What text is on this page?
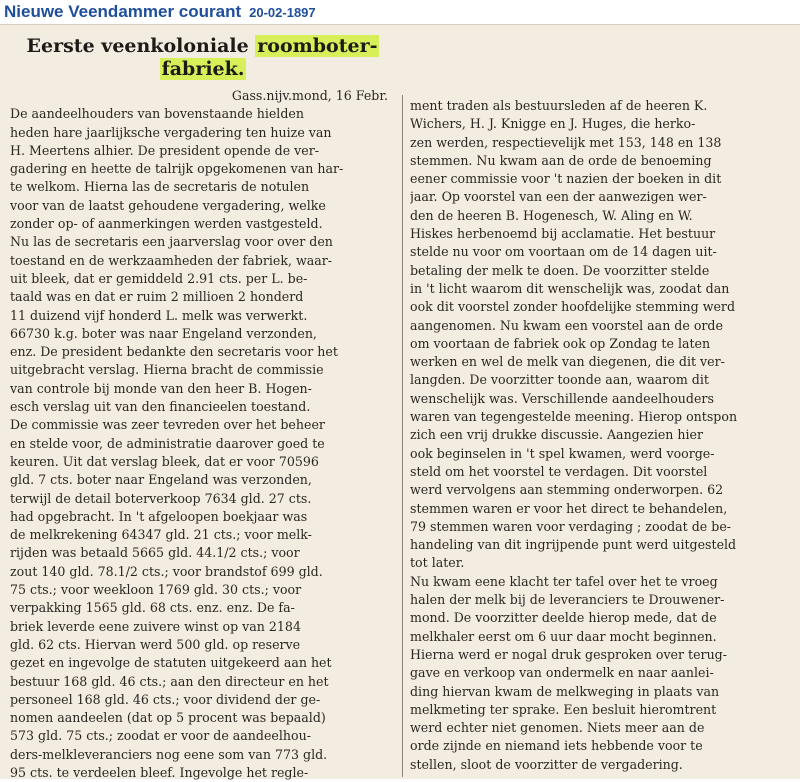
Nieuwe Veendammer courant 20-02-1897
Eerste veenkoloniale roomboter-
fabriek.
Gass.nijv.mond, 16 Febr.
De aandeelhouders van bovenstaande hielden
heden hare jaarlijksche vergadering ten huize van
H. Meertens alhier. De president opende de ver-
gadering en heette de talrijk opgekomenen van har-
te welkom. Hierna las de secretaris de notulen
voor van de laatst gehoudene vergadering, welke
zonder op- of aanmerkingen werden vastgesteld.
Nu las de secretaris een jaarverslag voor over den
toestand en de werkzaamheden der fabriek, waar-
uit bleek, dat er gemiddeld 2.91 cts. per L. be-
taald was en dat er ruim 2 millioen 2 honderd
11 duizend vijf honderd L. melk was verwerkt.
66730 k.g. boter was naar Engeland verzonden,
enz. De president bedankte den secretaris voor het
uitgebracht verslag. Hierna bracht de commissie
van controle bij monde van den heer B. Hogen-
esch verslag uit van den financieelen toestand.
De commissie was zeer tevreden over het beheer
en stelde voor, de administratie daarover goed te
keuren. Uit dat verslag bleek, dat er voor 70596
gld. 7 cts. boter naar Engeland was verzonden,
terwijl de detail boterverkoop 7634 gld. 27 cts.
had opgebracht. In 't afgeloopen boekjaar was
de melkrekening 64347 gld. 21 cts.; voor melk-
rijden was betaald 5665 gld. 44.1/2 cts.; voor
zout 140 gld. 78.1/2 cts.; voor brandstof 699 gld.
75 cts.; voor weekloon 1769 gld. 30 cts.; voor
verpakking 1565 gld. 68 cts. enz. enz. De fa-
briek leverde eene zuivere winst op van 2184
gld. 62 cts. Hiervan werd 500 gld. op reserve
gezet en ingevolge de statuten uitgekeerd aan het
bestuur 168 gld. 46 cts.; aan den directeur en het
personeel 168 gld. 46 cts.; voor dividend der ge-
nomen aandeelen (dat op 5 procent was bepaald)
573 gld. 75 cts.; zoodat er voor de aandeelhou-
ders-melkleveranciers nog eene som van 773 gld.
95 cts. te verdeelen bleef. Ingevolge het regle-
ment traden als bestuursleden af de heeren K.
Wichers, H. J. Knigge en J. Huges, die herko-
zen werden, respectievelijk met 153, 148 en 138
stemmen. Nu kwam aan de orde de benoeming
eener commissie voor 't nazien der boeken in dit
jaar. Op voorstel van een der aanwezigen wer-
den de heeren B. Hogenesch, W. Aling en W.
Hiskes herbenoemd bij acclamatie. Het bestuur
stelde nu voor om voortaan om de 14 dagen uit-
betaling der melk te doen. De voorzitter stelde
in 't licht waarom dit wenschelijk was, zoodat dan
ook dit voorstel zonder hoofdelijke stemming werd
aangenomen. Nu kwam een voorstel aan de orde
om voortaan de fabriek ook op Zondag te laten
werken en wel de melk van diegenen, die dit ver-
langden. De voorzitter toonde aan, waarom dit
wenschelijk was. Verschillende aandeelhouders
waren van tegengestelde meening. Hierop ontspon
zich een vrij drukke discussie. Aangezien hier
ook beginselen in 't spel kwamen, werd voorge-
steld om het voorstel te verdagen. Dit voorstel
werd vervolgens aan stemming onderworpen. 62
stemmen waren er voor het direct te behandelen,
79 stemmen waren voor verdaging ; zoodat de be-
handeling van dit ingrijpende punt werd uitgesteld
tot later.
Nu kwam eene klacht ter tafel over het te vroeg
halen der melk bij de leveranciers te Drouwener-
mond. De voorzitter deelde hierop mede, dat de
melkhaler eerst om 6 uur daar mocht beginnen.
Hierna werd er nogal druk gesproken over terug-
gave en verkoop van ondermelk en naar aanlei-
ding hiervan kwam de melkweging in plaats van
melkmeting ter sprake. Een besluit hieromtrent
werd echter niet genomen. Niets meer aan de
orde zijnde en niemand iets hebbende voor te
stellen, sloot de voorzitter de vergadering.
